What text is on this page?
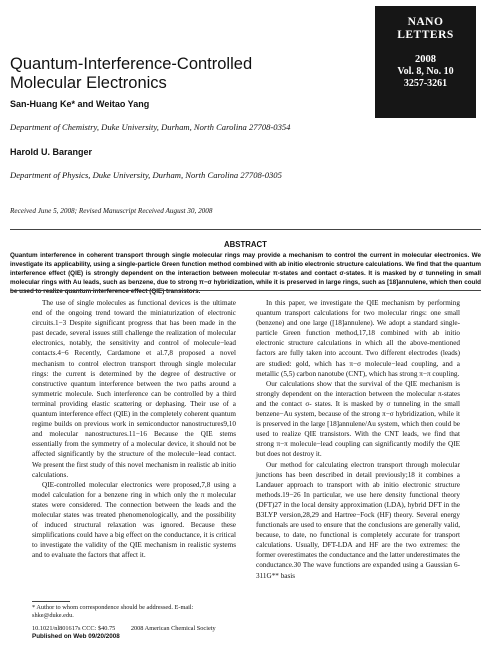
NANO
LETTERS
2008
Vol. 8, No. 10
3257-3261
Quantum-Interference-Controlled
Molecular Electronics
San-Huang Ke* and Weitao Yang
Department of Chemistry, Duke University, Durham, North Carolina 27708-0354
Harold U. Baranger
Department of Physics, Duke University, Durham, North Carolina 27708-0305
Received June 5, 2008; Revised Manuscript Received August 30, 2008
ABSTRACT

Quantum interference in coherent transport through single molecular rings may provide a mechanism to control the current in molecular electronics. We investigate its applicability, using a single-particle Green function method combined with ab initio electronic structure calculations. We find that the quantum interference effect (QIE) is strongly dependent on the interaction between molecular π-states and contact σ-states. It is masked by σ tunneling in small molecular rings with Au leads, such as benzene, due to strong π−σ hybridization, while it is preserved in large rings, such as [18]annulene, which then could be used to realize quantum interference effect (QIE) transistors.

The use of single molecules as functional devices is the ultimate end of the ongoing trend toward the miniaturization of electronic circuits.1−3 Despite significant progress that has been made in the past decade, several issues still challenge the realization of molecular electronics, notably, the sensitivity and control of molecule−lead contacts.4−6 Recently, Cardamone et al.7,8 proposed a novel mechanism to control electron transport through single molecular rings: the current is determined by the degree of destructive or constructive quantum interference between the two paths around a symmetric molecule. Such interference can be controlled by a third terminal providing elastic scattering or dephasing. Their use of a quantum interference effect (QIE) in the completely coherent quantum regime builds on previous work in semiconductor nanostructures9,10 and molecular nanostructures.11−16 Because the QIE stems essentially from the symmetry of a molecular device, it should not be affected significantly by the structure of the molecule−lead contact. We present the first study of this novel mechanism in realistic ab initio calculations.

QIE-controlled molecular electronics were proposed,7,8 using a model calculation for a benzene ring in which only the π molecular states were considered. The connection between the leads and the molecular states was treated phenomenologically, and the possibility of induced structural relaxation was ignored. Because these simplifications could have a big effect on the conductance, it is critical to investigate the validity of the QIE mechanism in realistic systems and to evaluate the factors that affect it.

In this paper, we investigate the QIE mechanism by performing quantum transport calculations for two molecular rings: one small (benzene) and one large ([18]annulene). We adopt a standard single-particle Green function method,17,18 combined with ab initio electronic structure calculations in which all the above-mentioned factors are fully taken into account. Two different electrodes (leads) are studied: gold, which has π−σ molecule−lead coupling, and a metallic (5,5) carbon nanotube (CNT), which has strong π−π coupling.

Our calculations show that the survival of the QIE mechanism is strongly dependent on the interaction between the molecular π-states and the contact σ- states. It is masked by σ tunneling in the small benzene−Au system, because of the strong π−σ hybridization, while it is preserved in the large [18]annulene/Au system, which then could be used to realize QIE transistors. With the CNT leads, we find that strong π−π molecule−lead coupling can significantly modify the QIE but does not destroy it.

Our method for calculating electron transport through molecular junctions has been described in detail previously;18 it combines a Landauer approach to transport with ab initio electronic structure methods.19−26 In particular, we use here density functional theory (DFT)27 in the local density approximation (LDA), hybrid DFT in the B3LYP version,28,29 and Hartree−Fock (HF) theory. Several energy functionals are used to ensure that the conclusions are generally valid, because, to date, no functional is completely accurate for transport calculations. Usually, DFT-LDA and HF are the two extremes: the former overestimates the conductance and the latter underestimates the conductance.30 The wave functions are expanded using a Gaussian 6-311G** basis

* Author to whom correspondence should be addressed. E-mail: shke@duke.edu.

10.1021/nl801617s CCC: $40.75 2008 American Chemical Society
Published on Web 09/20/2008
